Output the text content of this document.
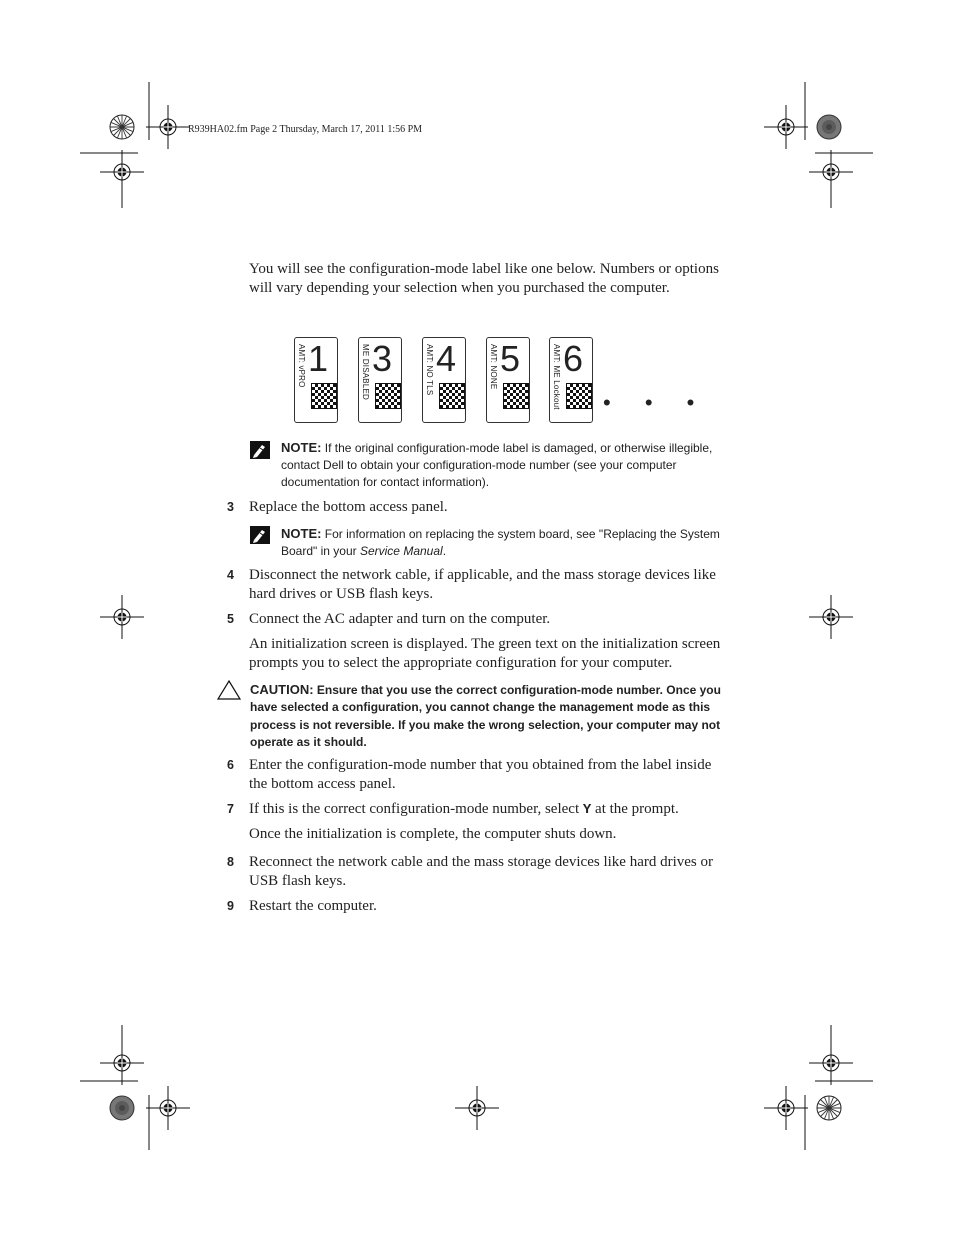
R939HA02.fm Page 2 Thursday, March 17, 2011 1:56 PM
You will see the configuration-mode label like one below. Numbers or options
will vary depending your selection when you purchased the computer.
AMT: vPRO 1	ME DISABLED 3	AMT: NO TLS 4	AMT: NONE 5	AMT: ME Lockout 6
• • •
NOTE: If the original configuration-mode label is damaged, or otherwise illegible,
contact Dell to obtain your configuration-mode number (see your computer
documentation for contact information).
3 Replace the bottom access panel.
NOTE: For information on replacing the system board, see "Replacing the System
Board" in your Service Manual.
4 Disconnect the network cable, if applicable, and the mass storage devices like
hard drives or USB flash keys.
5 Connect the AC adapter and turn on the computer.
An initialization screen is displayed. The green text on the initialization screen
prompts you to select the appropriate configuration for your computer.
CAUTION: Ensure that you use the correct configuration-mode number. Once you
have selected a configuration, you cannot change the management mode as this
process is not reversible. If you make the wrong selection, your computer may not
operate as it should.
6 Enter the configuration-mode number that you obtained from the label inside
the bottom access panel.
7 If this is the correct configuration-mode number, select Y at the prompt.
Once the initialization is complete, the computer shuts down.
8 Reconnect the network cable and the mass storage devices like hard drives or
USB flash keys.
9 Restart the computer.
